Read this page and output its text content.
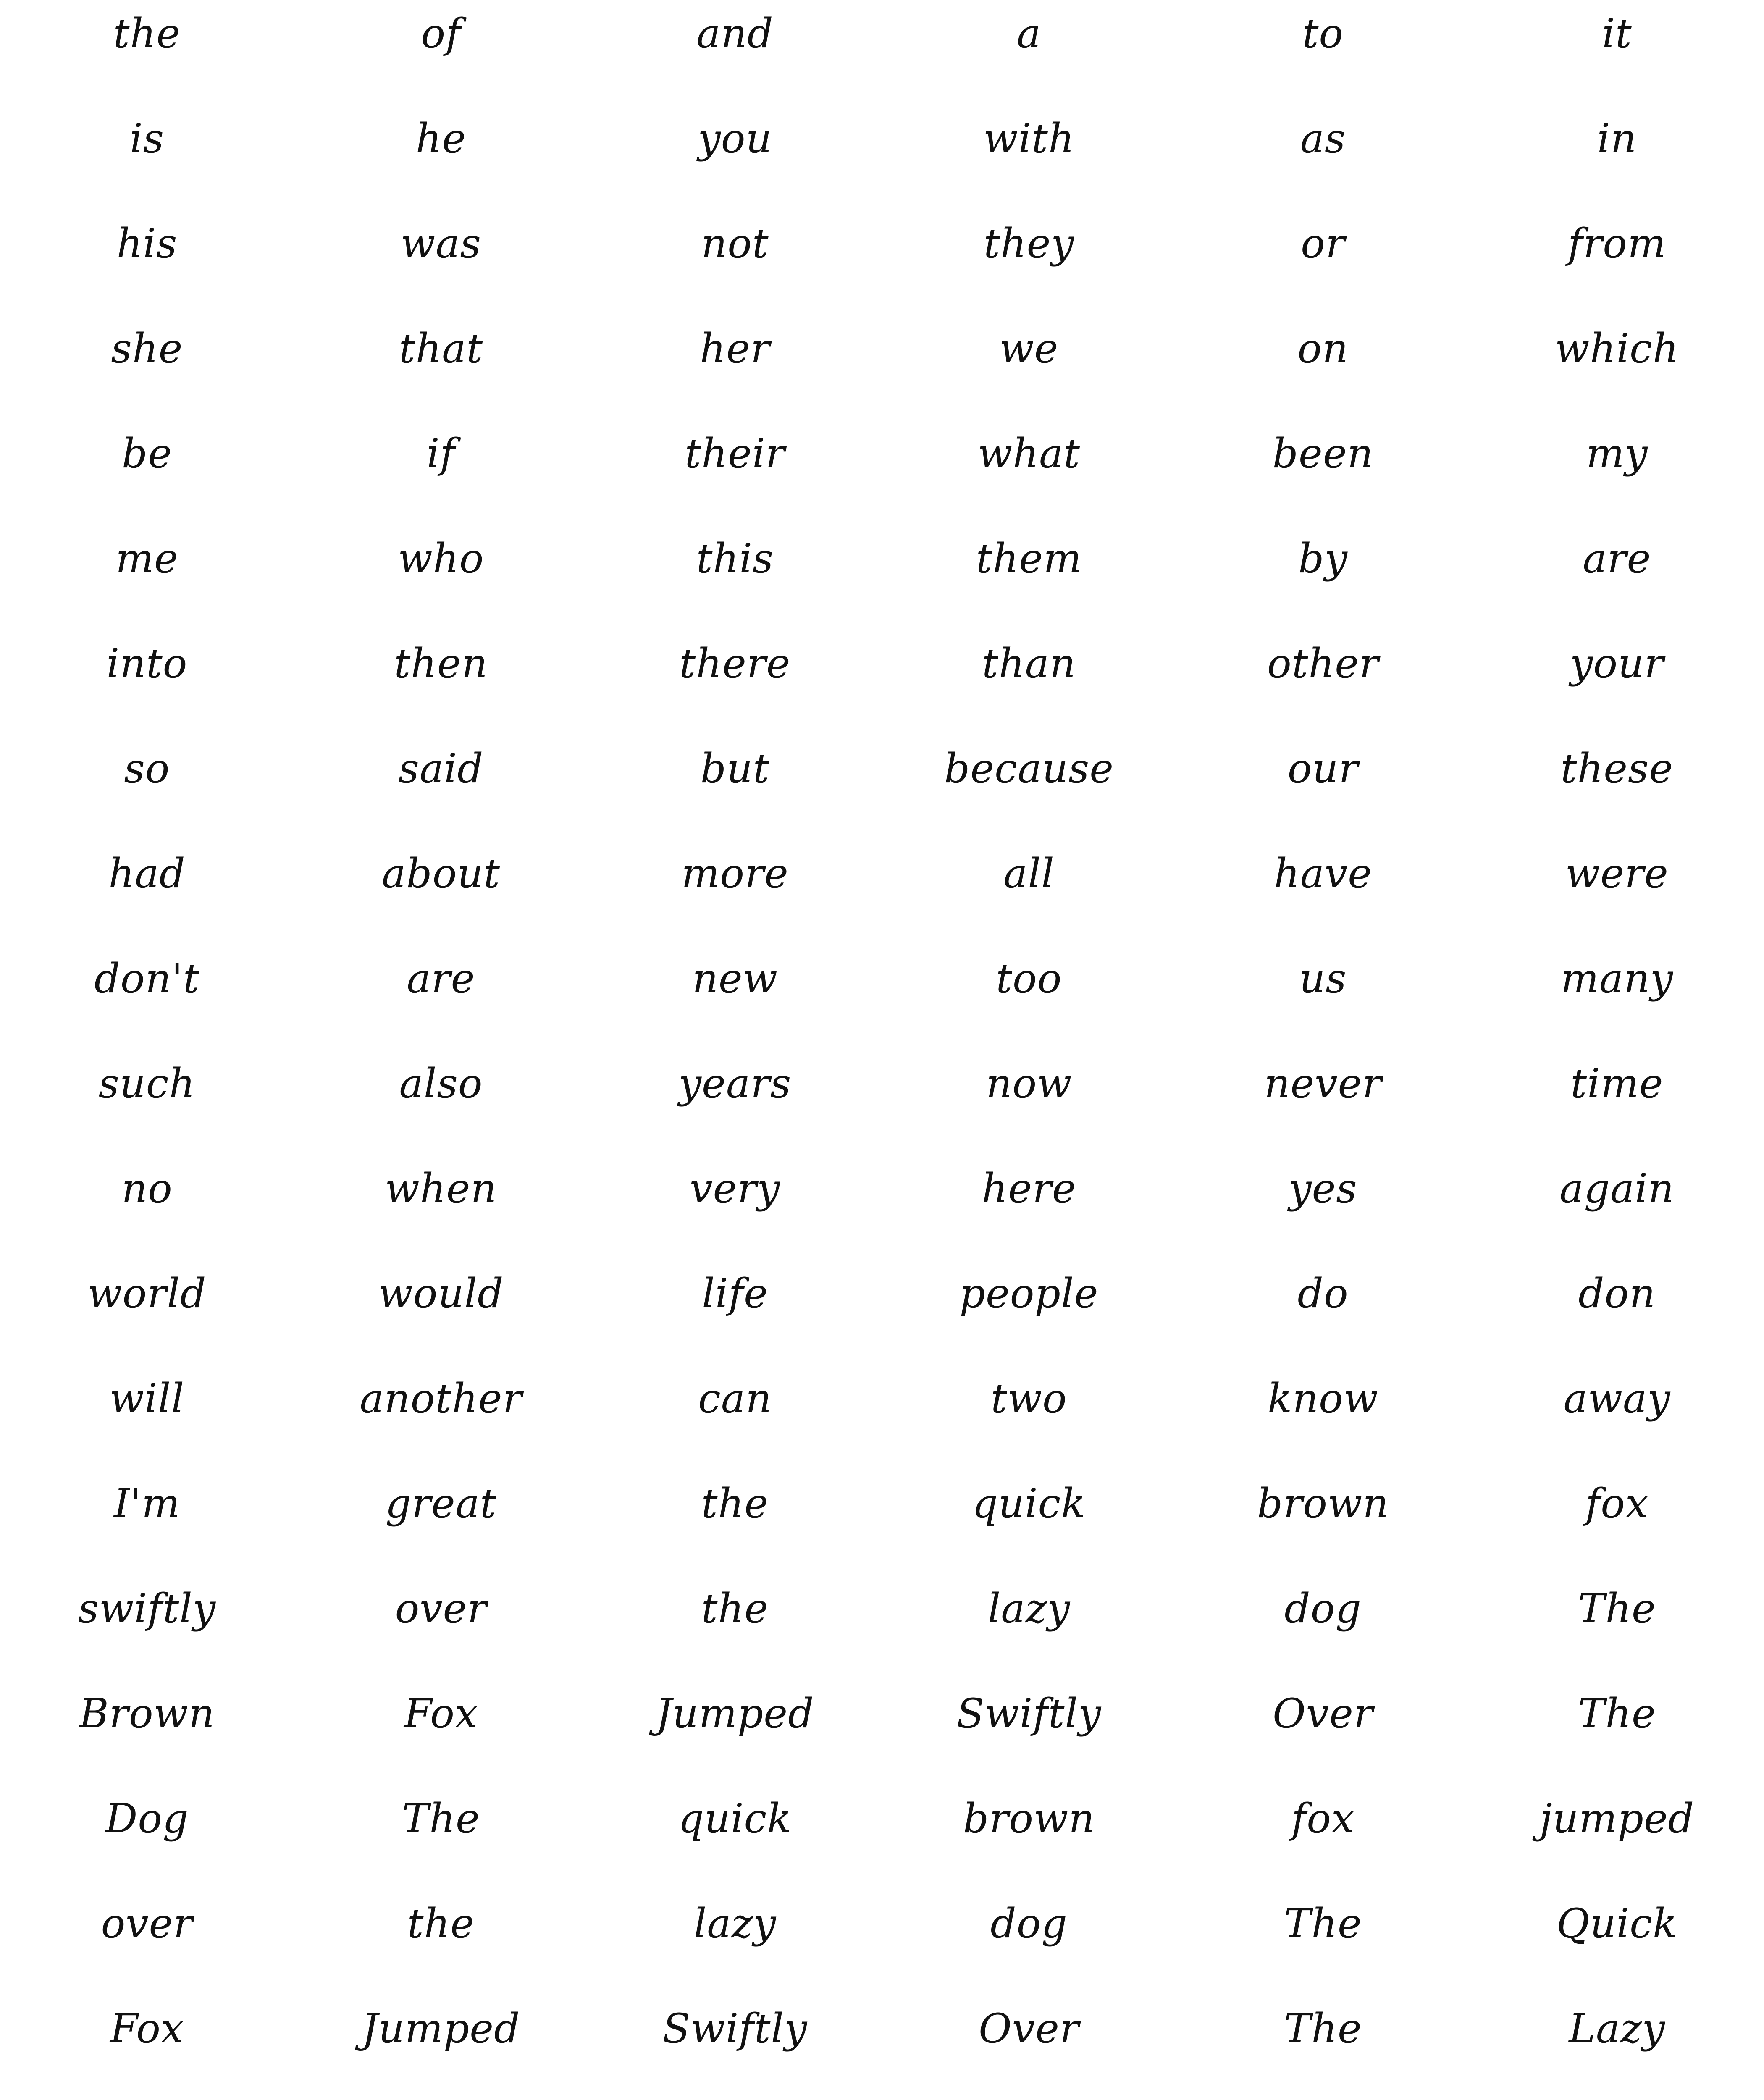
the	of	and	a	to	it
is	he	you	with	as	in
his	was	not	they	or	from
she	that	her	we	on	which
be	if	their	what	been	my
me	who	this	them	by	are
into	then	there	than	other	your
so	said	but	because	our	these
had	about	more	all	have	were
don't	are	new	too	us	many
such	also	years	now	never	time
no	when	very	here	yes	again
world	would	life	people	do	don
will	another	can	two	know	away
I'm	great	the	quick	brown	fox
swiftly	over	the	lazy	dog	The
Brown	Fox	Jumped	Swiftly	Over	The
Dog	The	quick	brown	fox	jumped
over	the	lazy	dog	The	Quick
Fox	Jumped	Swiftly	Over	The	Lazy
